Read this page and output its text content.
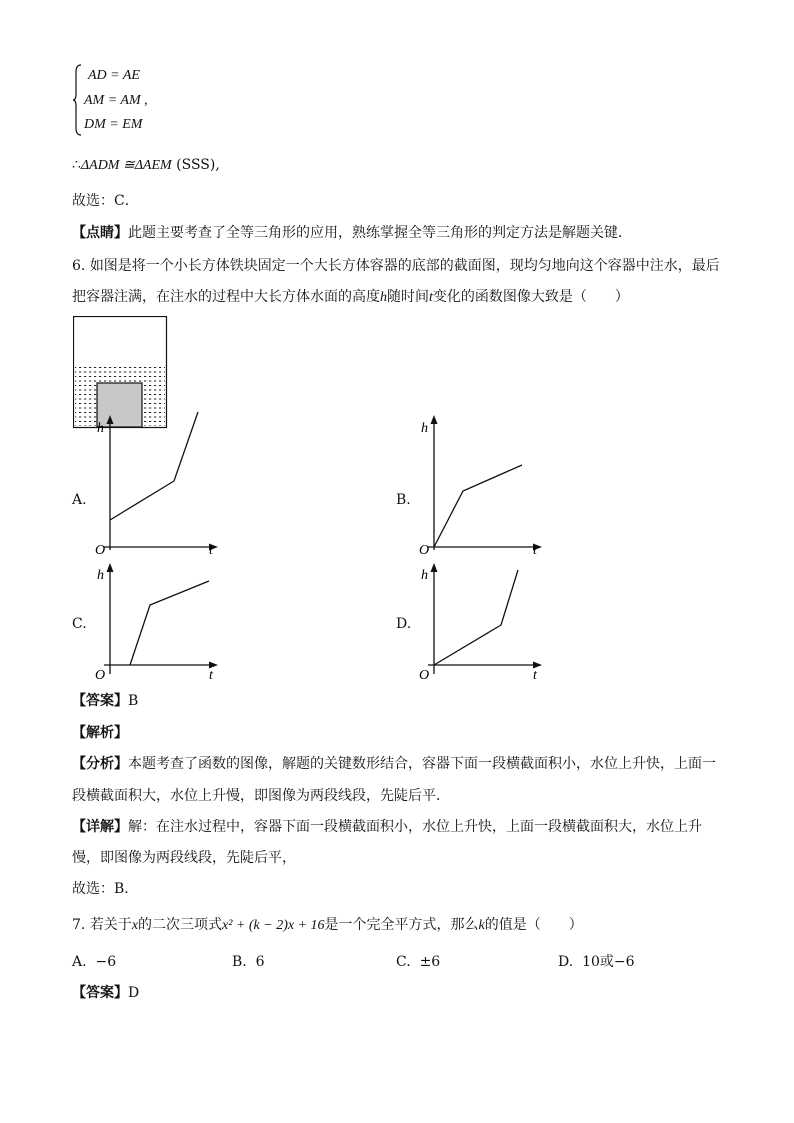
AD = AE
AM = AM ,
DM = EM
∴ΔADM ≅ΔAEM (SSS),
故选：C．
【点睛】此题主要考查了全等三角形的应用，熟练掌握全等三角形的判定方法是解题关键．
6. 如图是将一个小长方体铁块固定一个大长方体容器的底部的截面图，现均匀地向这个容器中注水，最后
把容器注满，在注水的过程中大长方体水面的高度h随时间t变化的函数图像大致是（　　）
A.
h
O	t
B.
h
O	t
C.
h
O	t
D.
h
O	t
【答案】B
【解析】
【分析】本题考查了函数的图像，解题的关键数形结合，容器下面一段横截面积小，水位上升快，上面一
段横截面积大，水位上升慢，即图像为两段线段，先陡后平．
【详解】解：在注水过程中，容器下面一段横截面积小，水位上升快，上面一段横截面积大，水位上升
慢，即图像为两段线段，先陡后平，
故选：B．
7. 若关于x的二次三项式x² + (k − 2)x + 16是一个完全平方式，那么k的值是（　　）
A. −6	B. 6	C. ±6	D. 10或−6
【答案】D
